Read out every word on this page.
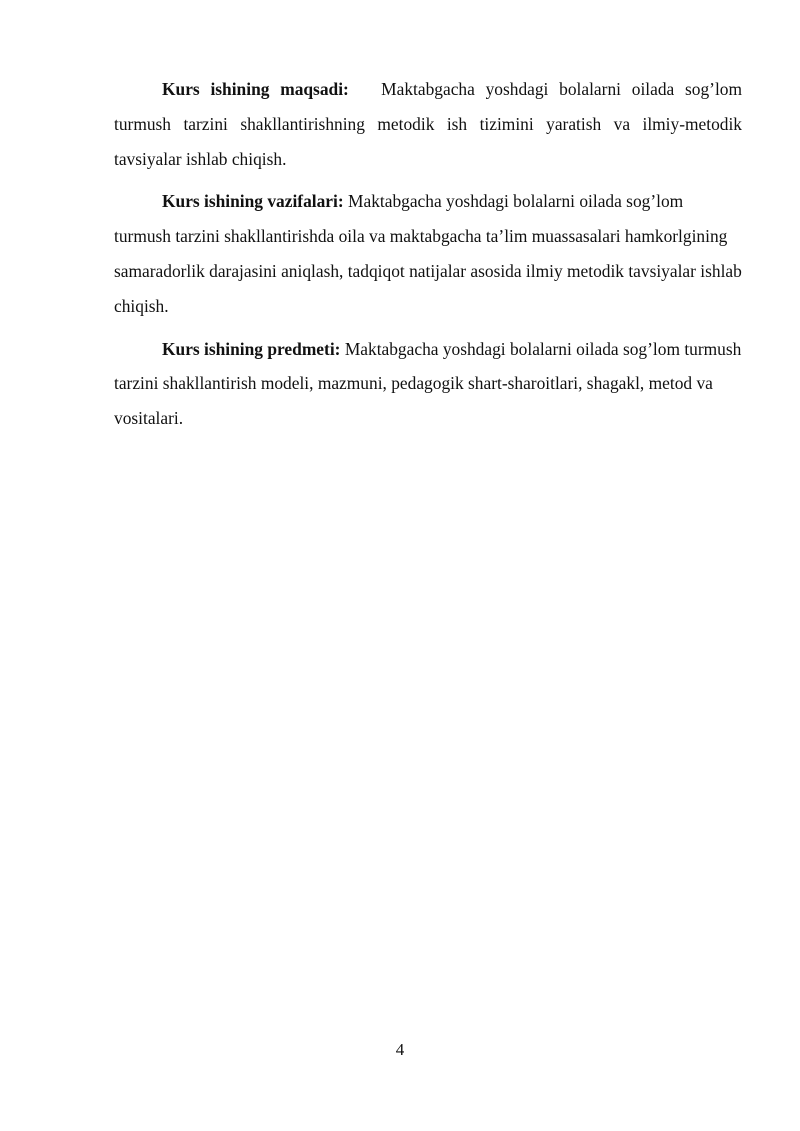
Kurs ishining maqsadi: Maktabgacha yoshdagi bolalarni oilada sog’lom turmush tarzini shakllantirishning metodik ish tizimini yaratish va ilmiy-metodik tavsiyalar ishlab chiqish.

Kurs ishining vazifalari: Maktabgacha yoshdagi bolalarni oilada sog’lom turmush tarzini shakllantirishda oila va maktabgacha ta’lim muassasalari hamkorlgining samaradorlik darajasini aniqlash, tadqiqot natijalar asosida ilmiy metodik tavsiyalar ishlab chiqish.

Kurs ishining predmeti: Maktabgacha yoshdagi bolalarni oilada sog’lom turmush tarzini shakllantirish modeli, mazmuni, pedagogik shart-sharoitlari, shagakl, metod va vositalari.

4
